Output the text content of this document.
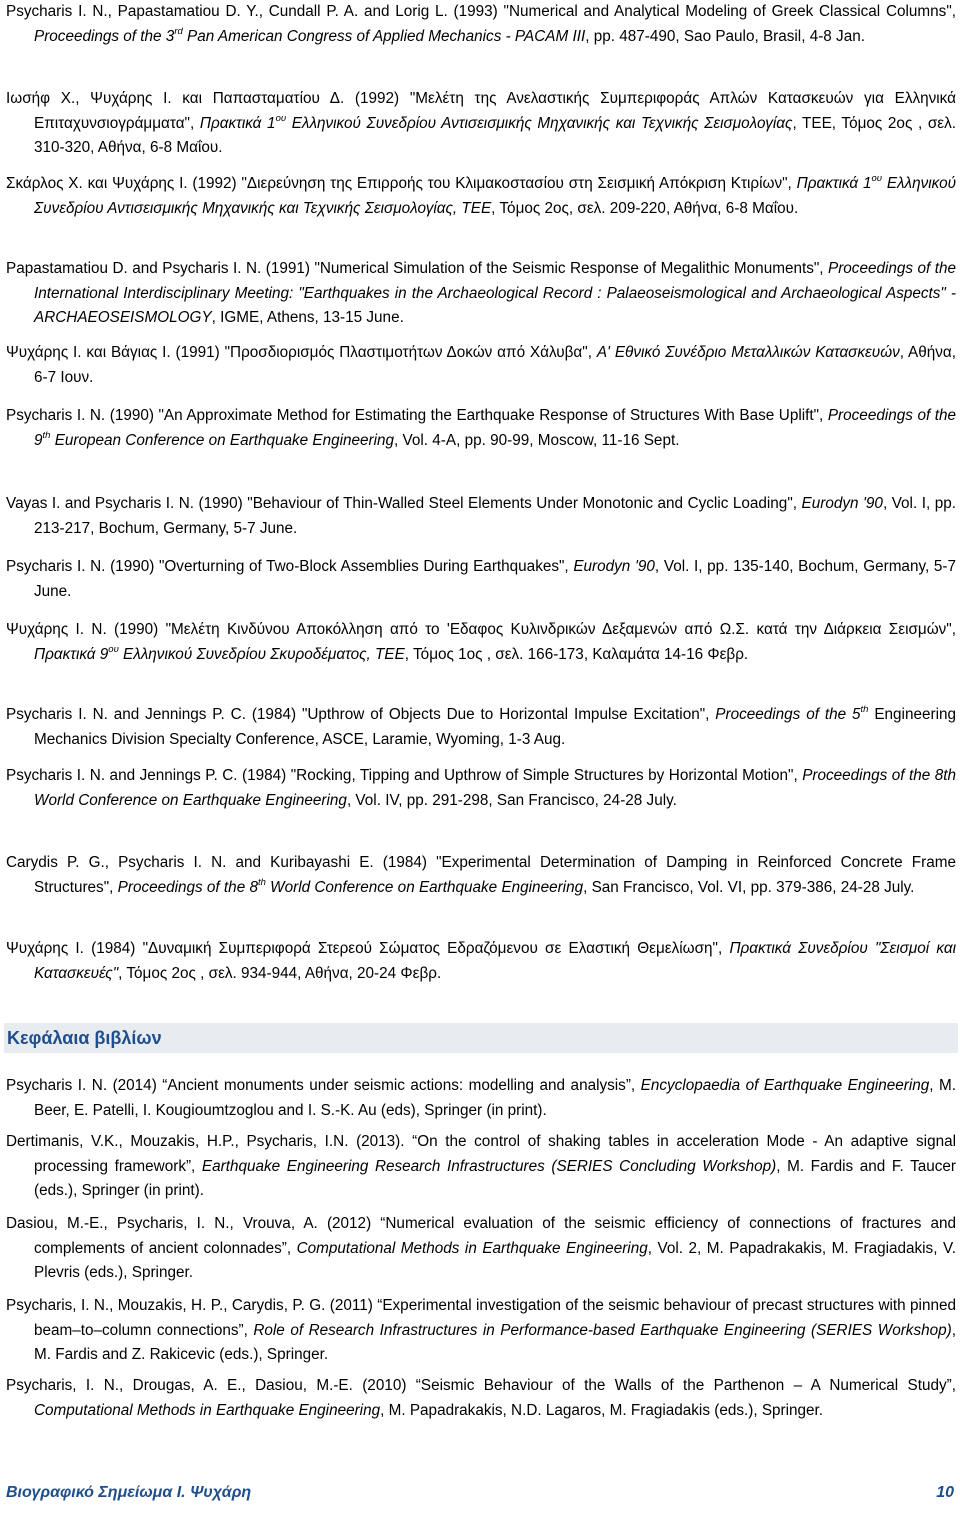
Psycharis I. N., Papastamatiou D. Y., Cundall P. A. and Lorig L. (1993) "Numerical and Analytical Modeling of Greek Classical Columns", Proceedings of the 3rd Pan American Congress of Applied Mechanics - PACAM III, pp. 487-490, Sao Paulo, Brasil, 4-8 Jan.

Ιωσήφ Χ., Ψυχάρης Ι. και Παπασταματίου Δ. (1992) "Μελέτη της Ανελαστικής Συμπεριφοράς Απλών Κατασκευών για Ελληνικά Επιταχυνσιογράμματα", Πρακτικά $1^{o\upsilon}$ Ελληνικού Συνεδρίου Αντισεισμικής Μηχανικής και Τεχνικής Σεισμολογίας, ΤΕΕ, Τόμος 2ος , σελ. 310-320, Αθήνα, 6-8 Μαΐου.

Σκάρλος Χ. και Ψυχάρης Ι. (1992) "Διερεύνηση της Επιρροής του Κλιμακοστασίου στη Σεισμική Απόκριση Κτιρίων", Πρακτικά $1^{o\upsilon}$ Ελληνικού Συνεδρίου Αντισεισμικής Μηχανικής και Τεχνικής Σεισμολογίας, ΤΕΕ, Τόμος 2ος, σελ. 209-220, Αθήνα, 6-8 Μαΐου.

Papastamatiou D. and Psycharis I. N. (1991) "Numerical Simulation of the Seismic Response of Megalithic Monuments", Proceedings of the International Interdisciplinary Meeting: "Earthquakes in the Archaeological Record : Palaeoseismological and Archaeological Aspects" - ARCHAEOSEISMOLOGY, IGME, Athens, 13-15 June.

Ψυχάρης Ι. και Βάγιας Ι. (1991) "Προσδιορισμός Πλαστιμοτήτων Δοκών από Χάλυβα", Α' Εθνικό Συνέδριο Μεταλλικών Κατασκευών, Αθήνα, 6-7 Ιουν.

Psycharis I. N. (1990) "An Approximate Method for Estimating the Earthquake Response of Structures With Base Uplift", Proceedings of the 9th European Conference on Earthquake Engineering, Vol. 4-A, pp. 90-99, Moscow, 11-16 Sept.

Vayas I. and Psycharis I. N. (1990) "Behaviour of Thin-Walled Steel Elements Under Monotonic and Cyclic Loading", Eurodyn '90, Vol. I, pp. 213-217, Bochum, Germany, 5-7 June.

Psycharis I. N. (1990) "Overturning of Two-Block Assemblies During Earthquakes", Eurodyn '90, Vol. I, pp. 135-140, Bochum, Germany, 5-7 June.

Ψυχάρης Ι. Ν. (1990) "Μελέτη Κινδύνου Αποκόλληση από το 'Εδαφος Κυλινδρικών Δεξαμενών από Ω.Σ. κατά την Διάρκεια Σεισμών", Πρακτικά $9^{o\upsilon}$ Ελληνικού Συνεδρίου Σκυροδέματος, ΤΕΕ, Τόμος 1ος , σελ. 166-173, Καλαμάτα 14-16 Φεβρ.

Psycharis I. N. and Jennings P. C. (1984) "Upthrow of Objects Due to Horizontal Impulse Excitation", Proceedings of the 5th Engineering Mechanics Division Specialty Conference, ASCE, Laramie, Wyoming, 1-3 Aug.

Psycharis I. N. and Jennings P. C. (1984) "Rocking, Tipping and Upthrow of Simple Structures by Horizontal Motion", Proceedings of the 8th World Conference on Earthquake Engineering, Vol. IV, pp. 291-298, San Francisco, 24-28 July.

Carydis P. G., Psycharis I. N. and Kuribayashi E. (1984) "Experimental Determination of Damping in Reinforced Concrete Frame Structures", Proceedings of the 8th World Conference on Earthquake Engineering, San Francisco, Vol. VI, pp. 379-386, 24-28 July.

Ψυχάρης Ι. (1984) "Δυναμική Συμπεριφορά Στερεού Σώματος Εδραζόμενου σε Ελαστική Θεμελίωση", Πρακτικά Συνεδρίου "Σεισμοί και Κατασκευές", Τόμος 2ος , σελ. 934-944, Αθήνα, 20-24 Φεβρ.

Κεφάλαια βιβλίων

Psycharis I. N. (2014) “Ancient monuments under seismic actions: modelling and analysis”, Encyclopaedia of Earthquake Engineering, M. Beer, E. Patelli, I. Kougioumtzoglou and I. S.-K. Au (eds), Springer (in print).

Dertimanis, V.K., Mouzakis, H.P., Psycharis, I.N. (2013). “On the control of shaking tables in acceleration Mode - An adaptive signal processing framework”, Earthquake Engineering Research Infrastructures (SERIES Concluding Workshop), M. Fardis and F. Taucer (eds.), Springer (in print).

Dasiou, M.-E., Psycharis, I. N., Vrouva, A. (2012) “Numerical evaluation of the seismic efficiency of connections of fractures and complements of ancient colonnades”, Computational Methods in Earthquake Engineering, Vol. 2, M. Papadrakakis, M. Fragiadakis, V. Plevris (eds.), Springer.

Psycharis, I. N., Mouzakis, H. P., Carydis, P. G. (2011) “Experimental investigation of the seismic behaviour of precast structures with pinned beam–to–column connections”, Role of Research Infrastructures in Performance-based Earthquake Engineering (SERIES Workshop), M. Fardis and Z. Rakicevic (eds.), Springer.

Psycharis, I. N., Drougas, A. E., Dasiou, M.-E. (2010) “Seismic Behaviour of the Walls of the Parthenon – A Numerical Study”, Computational Methods in Earthquake Engineering, M. Papadrakakis, N.D. Lagaros, M. Fragiadakis (eds.), Springer.

Βιογραφικό Σημείωμα Ι. Ψυχάρη	10
